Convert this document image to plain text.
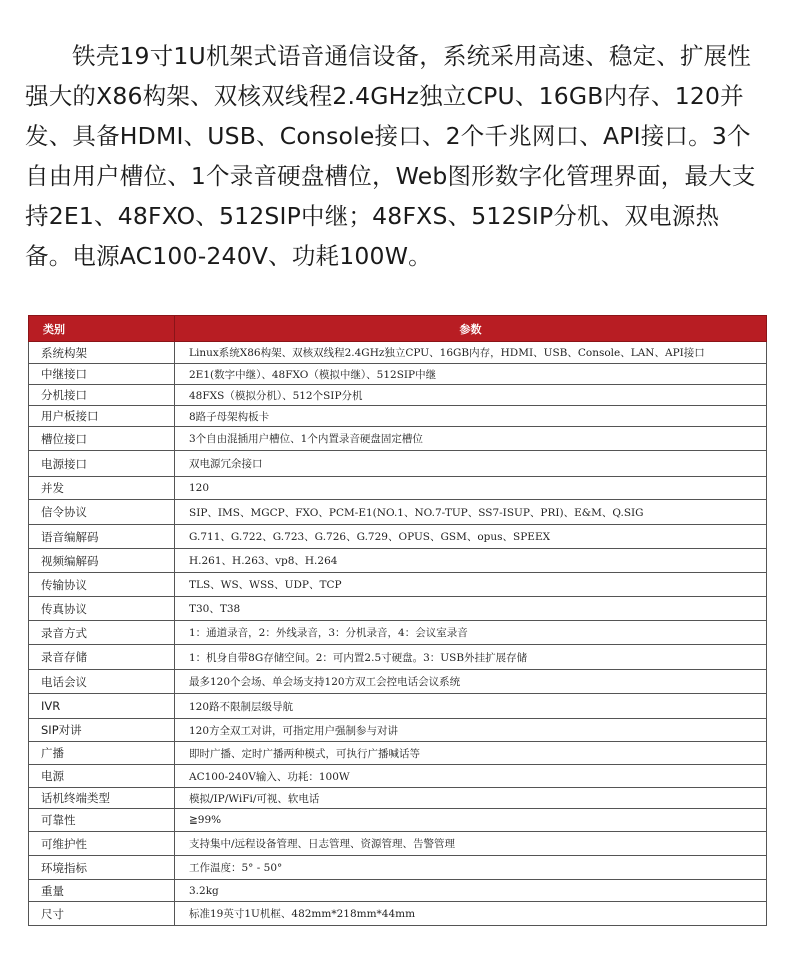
铁壳19寸1U机架式语音通信设备，系统采用高速、稳定、扩展性强大的X86构架、双核双线程2.4GHz独立CPU、16GB内存、120并发、具备HDMI、USB、Console接口、2个千兆网口、API接口。3个自由用户槽位、1个录音硬盘槽位，Web图形数字化管理界面，最大支持2E1、48FXO、512SIP中继；48FXS、512SIP分机、双电源热备。电源AC100-240V、功耗100W。

类别	参数
系统构架	Linux系统X86构架、双核双线程2.4GHz独立CPU、16GB内存，HDMI、USB、Console、LAN、API接口
中继接口	2E1(数字中继）、48FXO（模拟中继）、512SIP中继
分机接口	48FXS（模拟分机）、512个SIP分机
用户板接口	8路子母架构板卡
槽位接口	3个自由混插用户槽位、1个内置录音硬盘固定槽位
电源接口	双电源冗余接口
并发	120
信令协议	SIP、IMS、MGCP、FXO、PCM-E1(NO.1、NO.7-TUP、SS7-ISUP、PRI)、E&M、Q.SIG
语音编解码	G.711、G.722、G.723、G.726、G.729、OPUS、GSM、opus、SPEEX
视频编解码	H.261、H.263、vp8、H.264
传输协议	TLS、WS、WSS、UDP、TCP
传真协议	T30、T38
录音方式	1：通道录音，2：外线录音，3：分机录音，4：会议室录音
录音存储	1：机身自带8G存储空间。2：可内置2.5寸硬盘。3：USB外挂扩展存储
电话会议	最多120个会场、单会场支持120方双工会控电话会议系统
IVR	120路不限制层级导航
SIP对讲	120方全双工对讲，可指定用户强制参与对讲
广播	即时广播、定时广播两种模式，可执行广播喊话等
电源	AC100-240V输入、功耗：100W
话机终端类型	模拟/IP/WiFi/可视、软电话
可靠性	≧99%
可维护性	支持集中/远程设备管理、日志管理、资源管理、告警管理
环境指标	工作温度：5° - 50°
重量	3.2kg
尺寸	标准19英寸1U机框、482mm*218mm*44mm
